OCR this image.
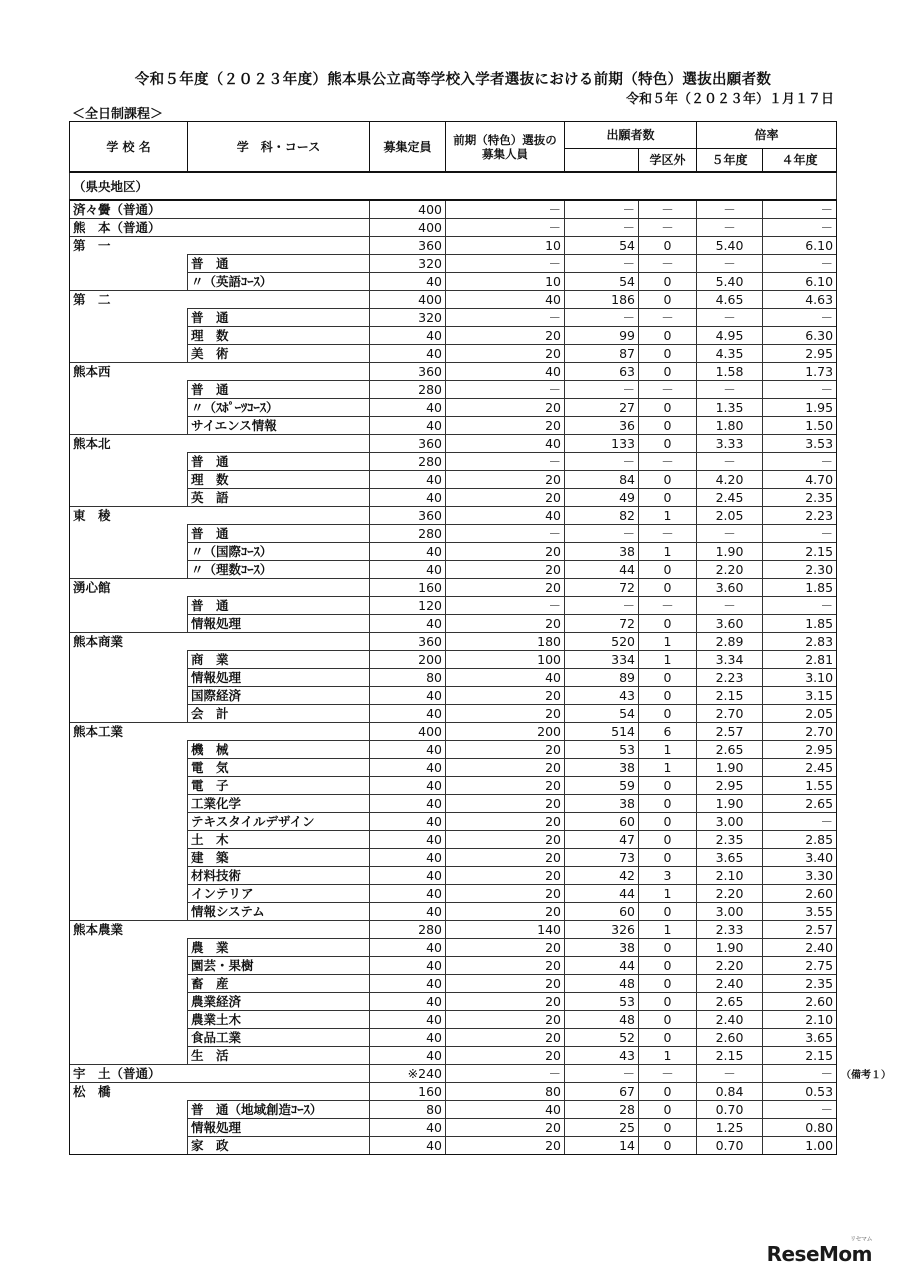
令和５年度（２０２３年度）熊本県公立高等学校入学者選抜における前期（特色）選抜出願者数
令和５年（２０２３年）１月１７日
＜全日制課程＞
学 校 名	学　科・コース	募集定員	前期（特色）選抜の募集人員	出願者数		倍率	
					学区外	５年度	４年度
（県央地区）							
済々黌（普通）		400	－	－	－	－	－
熊　本（普通）		400	－	－	－	－	－
第　一		360	10	54	0	5.40	6.10
	普　通	320	－	－	－	－	－
	〃（英語ｺｰｽ）	40	10	54	0	5.40	6.10
第　二		400	40	186	0	4.65	4.63
	普　通	320	－	－	－	－	－
	理　数	40	20	99	0	4.95	6.30
	美　術	40	20	87	0	4.35	2.95
熊本西		360	40	63	0	1.58	1.73
	普　通	280	－	－	－	－	－
	〃（ｽﾎﾟｰﾂｺｰｽ）	40	20	27	0	1.35	1.95
	サイエンス情報	40	20	36	0	1.80	1.50
熊本北		360	40	133	0	3.33	3.53
	普　通	280	－	－	－	－	－
	理　数	40	20	84	0	4.20	4.70
	英　語	40	20	49	0	2.45	2.35
東　稜		360	40	82	1	2.05	2.23
	普　通	280	－	－	－	－	－
	〃（国際ｺｰｽ）	40	20	38	1	1.90	2.15
	〃（理数ｺｰｽ）	40	20	44	0	2.20	2.30
湧心館		160	20	72	0	3.60	1.85
	普　通	120	－	－	－	－	－
	情報処理	40	20	72	0	3.60	1.85
熊本商業		360	180	520	1	2.89	2.83
	商　業	200	100	334	1	3.34	2.81
	情報処理	80	40	89	0	2.23	3.10
	国際経済	40	20	43	0	2.15	3.15
	会　計	40	20	54	0	2.70	2.05
熊本工業		400	200	514	6	2.57	2.70
	機　械	40	20	53	1	2.65	2.95
	電　気	40	20	38	1	1.90	2.45
	電　子	40	20	59	0	2.95	1.55
	工業化学	40	20	38	0	1.90	2.65
	テキスタイルデザイン	40	20	60	0	3.00	－
	土　木	40	20	47	0	2.35	2.85
	建　築	40	20	73	0	3.65	3.40
	材料技術	40	20	42	3	2.10	3.30
	インテリア	40	20	44	1	2.20	2.60
	情報システム	40	20	60	0	3.00	3.55
熊本農業		280	140	326	1	2.33	2.57
	農　業	40	20	38	0	1.90	2.40
	園芸・果樹	40	20	44	0	2.20	2.75
	畜　産	40	20	48	0	2.40	2.35
	農業経済	40	20	53	0	2.65	2.60
	農業土木	40	20	48	0	2.40	2.10
	食品工業	40	20	52	0	2.60	3.65
	生　活	40	20	43	1	2.15	2.15
宇　土（普通）		※240	－	－	－	－	－
松　橋		160	80	67	0	0.84	0.53
	普　通（地域創造ｺｰｽ）	80	40	28	0	0.70	－
	情報処理	40	20	25	0	1.25	0.80
	家　政	40	20	14	0	0.70	1.00
（備考１）
ReseMom
リセマム
